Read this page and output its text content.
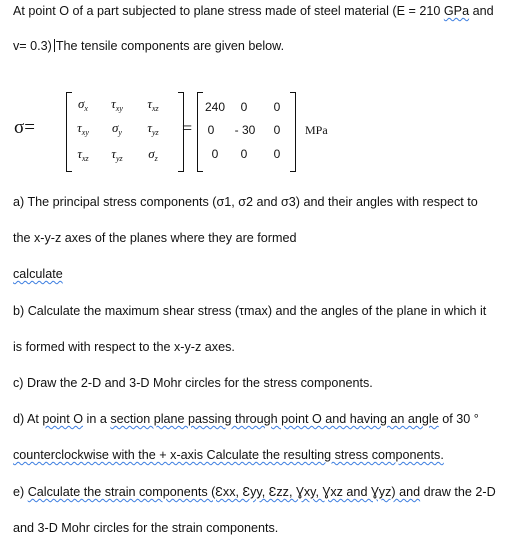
At point O of a part subjected to plane stress made of steel material (E = 210 GPa and
v= 0.3) The tensile components are given below.
σ=
$\sigma_x$	$\tau_{xy}$	$\tau_{xz}$
$\tau_{xy}$	$\sigma_y$	$\tau_{yz}$
$\tau_{xz}$	$\tau_{yz}$	$\sigma_z$
=
240	0	0
0	- 30	0
0	0	0
MPa
a) The principal stress components (σ1, σ2 and σ3) and their angles with respect to
the x-y-z axes of the planes where they are formed
calculate
b) Calculate the maximum shear stress (τmax) and the angles of the plane in which it
is formed with respect to the x-y-z axes.
c) Draw the 2-D and 3-D Mohr circles for the stress components.
d) At point O in a section plane passing through point O and having an angle of 30 °
counterclockwise with the + x-axis Calculate the resulting stress components.
e) Calculate the strain components (Ɛxx, Ɛyy, Ɛzz, Ɣxy, Ɣxz and Ɣyz) and draw the 2-D
and 3-D Mohr circles for the strain components.
